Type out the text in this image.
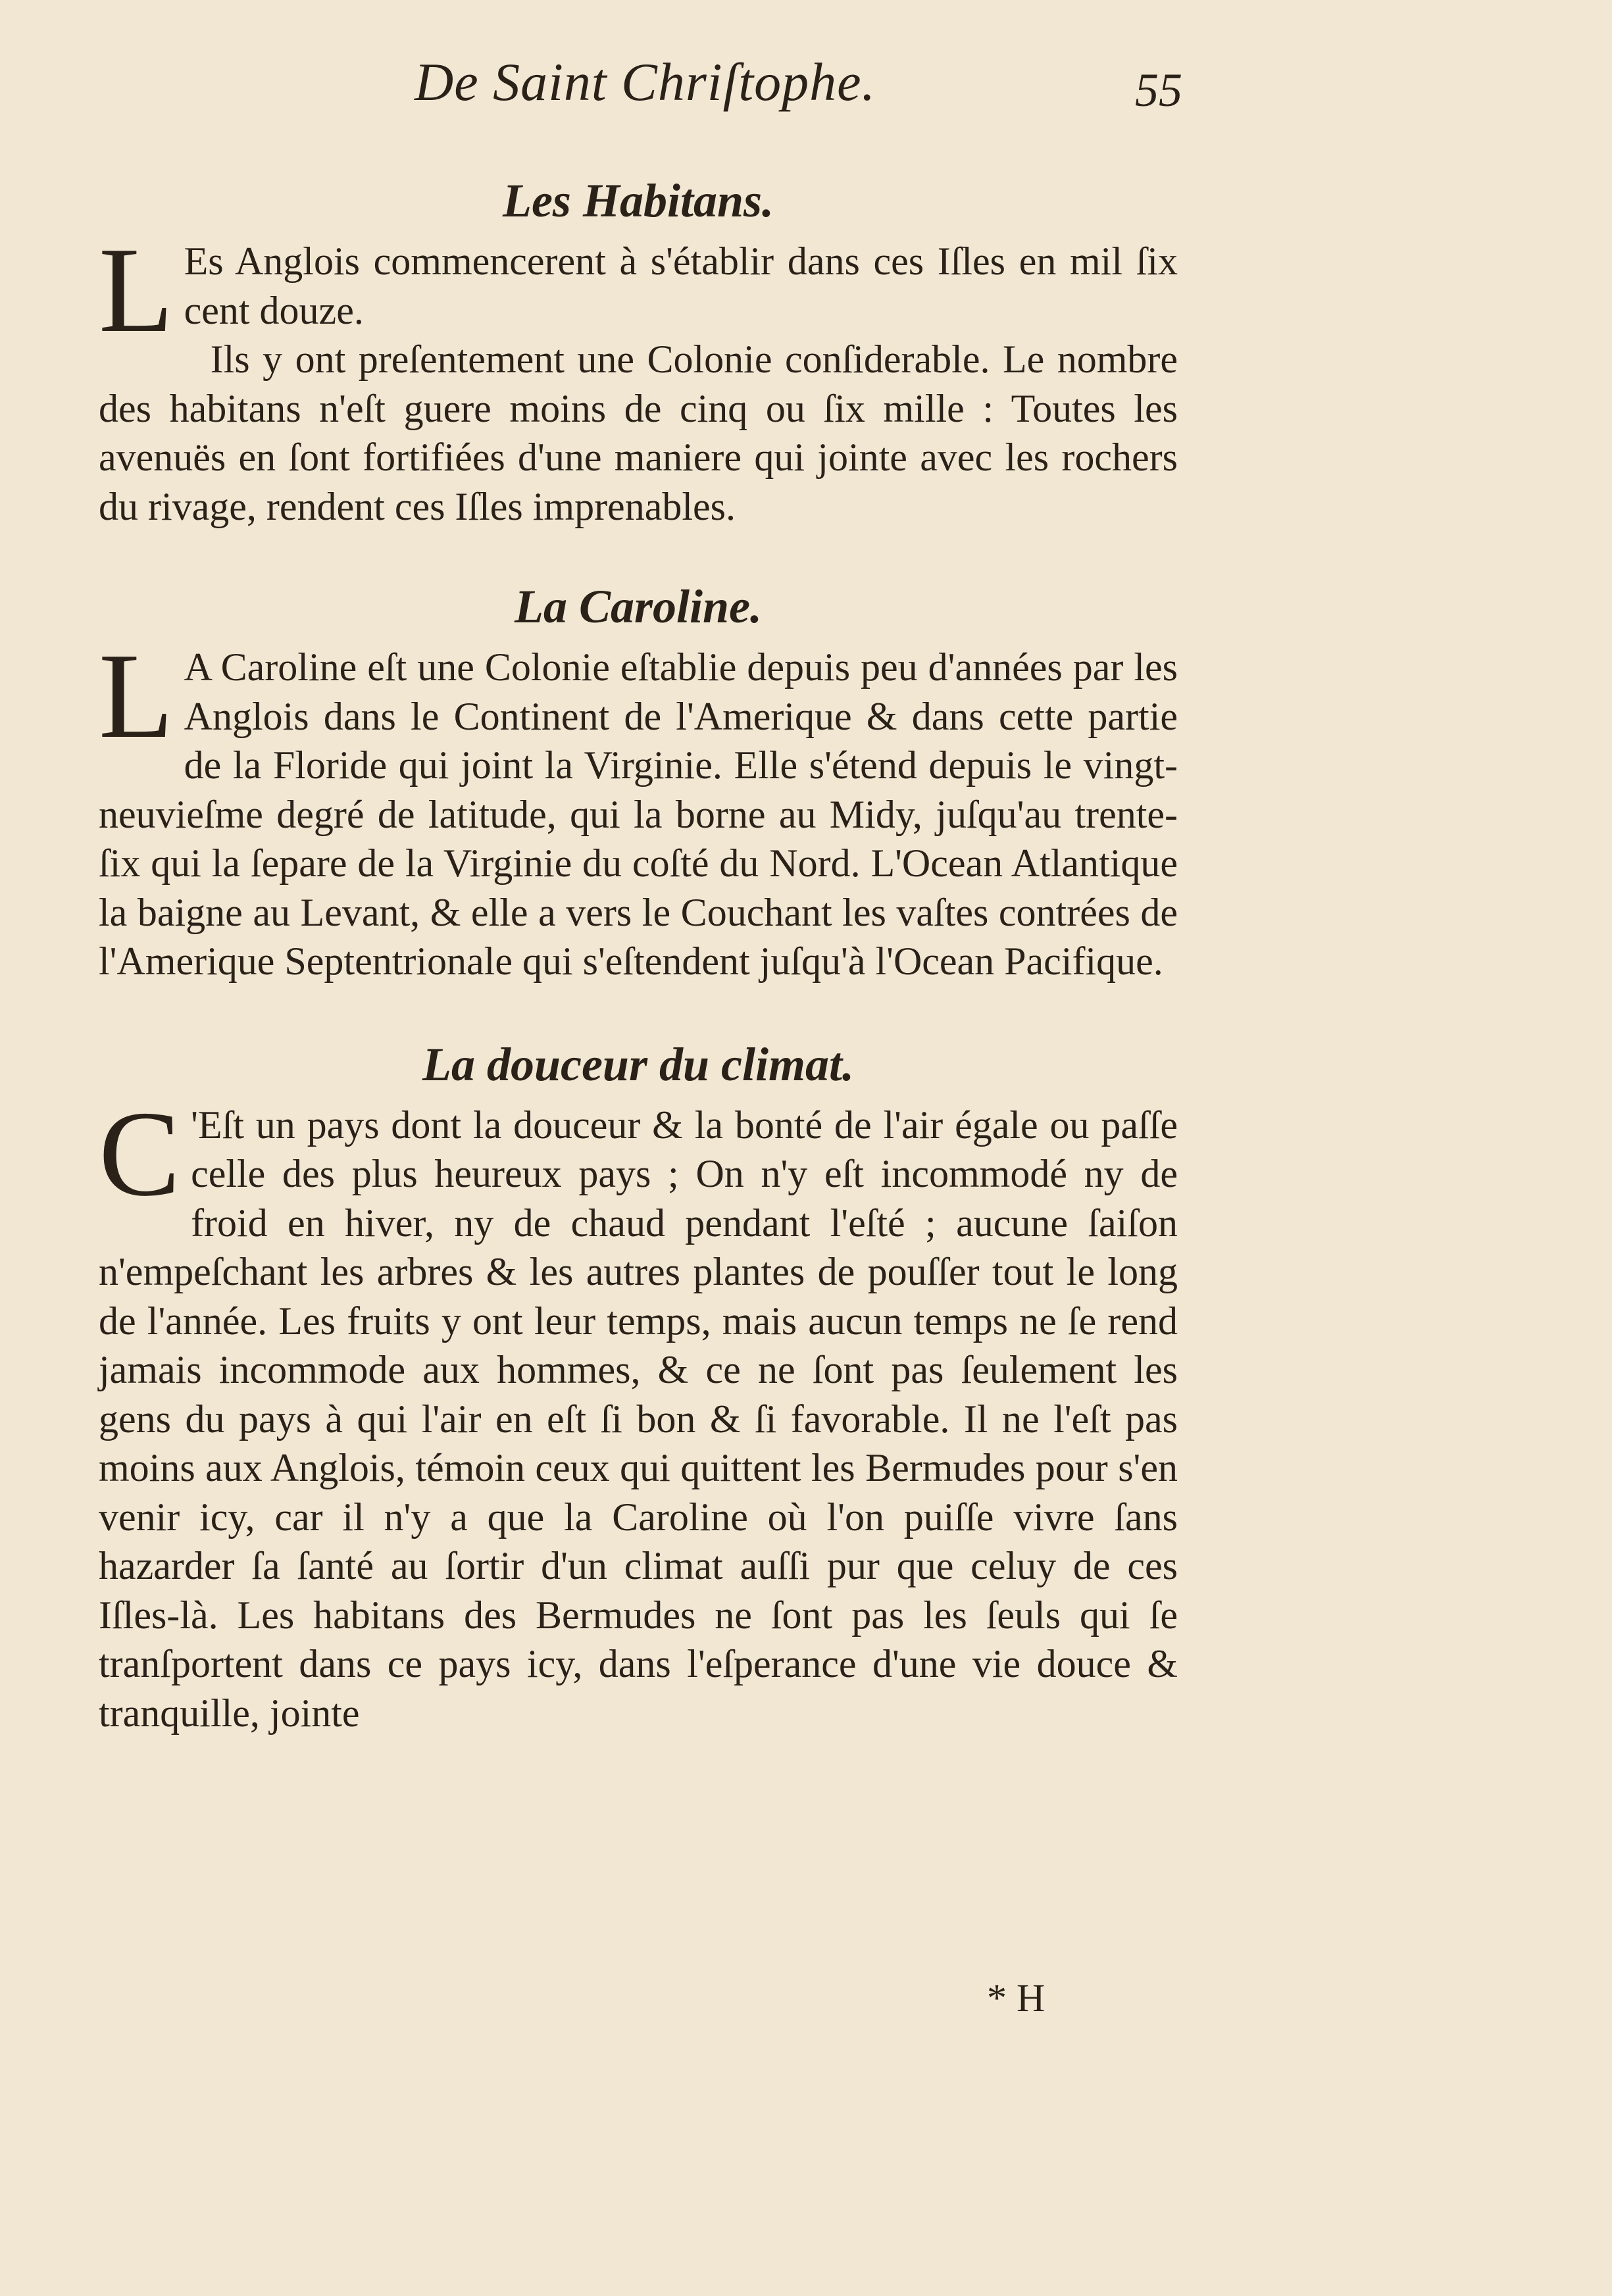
De Saint Chriſtophe.	55
Les Habitans.

L Es Anglois commencerent à s'établir dans ces Iſles en mil ſix cent douze.

Ils y ont preſentement une Colonie conſiderable. Le nombre des habitans n'eſt guere moins de cinq ou ſix mille : Toutes les avenuës en ſont fortifiées d'une maniere qui jointe avec les rochers du rivage, rendent ces Iſles imprenables.

La Caroline.

L A Caroline eſt une Colonie eſtablie depuis peu d'années par les Anglois dans le Continent de l'Amerique & dans cette partie de la Floride qui joint la Virginie. Elle s'étend depuis le vingt-neuvieſme degré de latitude, qui la borne au Midy, juſqu'au trente-ſix qui la ſepare de la Virginie du coſté du Nord. L'Ocean Atlantique la baigne au Levant, & elle a vers le Couchant les vaſtes contrées de l'Amerique Septentrionale qui s'eſtendent juſqu'à l'Ocean Pacifique.

La douceur du climat.

C 'Eſt un pays dont la douceur & la bonté de l'air égale ou paſſe celle des plus heureux pays ; On n'y eſt incommodé ny de froid en hiver, ny de chaud pendant l'eſté ; aucune ſaiſon n'empeſchant les arbres & les autres plantes de pouſſer tout le long de l'année. Les fruits y ont leur temps, mais aucun temps ne ſe rend jamais incommode aux hommes, & ce ne ſont pas ſeulement les gens du pays à qui l'air en eſt ſi bon & ſi favorable. Il ne l'eſt pas moins aux Anglois, témoin ceux qui quittent les Bermudes pour s'en venir icy, car il n'y a que la Caroline où l'on puiſſe vivre ſans hazarder ſa ſanté au ſortir d'un climat auſſi pur que celuy de ces Iſles-là. Les habitans des Bermudes ne ſont pas les ſeuls qui ſe tranſportent dans ce pays icy, dans l'eſperance d'une vie douce & tranquille, jointe

* H
